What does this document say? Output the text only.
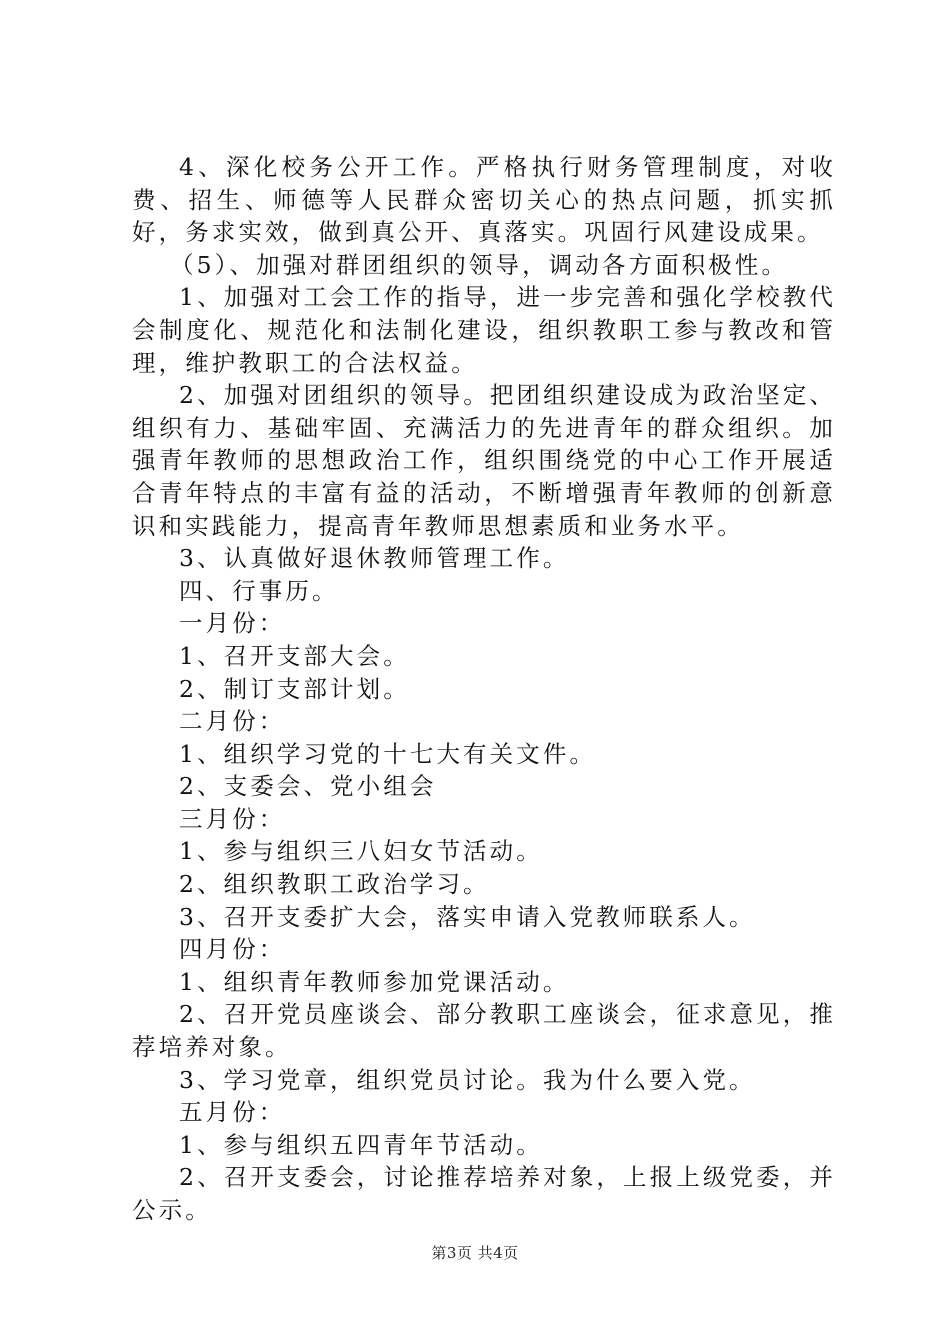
4、深化校务公开工作。严格执行财务管理制度，对收费、招生、师德等人民群众密切关心的热点问题，抓实抓好，务求实效，做到真公开、真落实。巩固行风建设成果。

（5）、加强对群团组织的领导，调动各方面积极性。

1、加强对工会工作的指导，进一步完善和强化学校教代会制度化、规范化和法制化建设，组织教职工参与教改和管理，维护教职工的合法权益。

2、加强对团组织的领导。把团组织建设成为政治坚定、组织有力、基础牢固、充满活力的先进青年的群众组织。加强青年教师的思想政治工作，组织围绕党的中心工作开展适合青年特点的丰富有益的活动，不断增强青年教师的创新意识和实践能力，提高青年教师思想素质和业务水平。

3、认真做好退休教师管理工作。

四、行事历。

一月份：

1、召开支部大会。

2、制订支部计划。

二月份：

1、组织学习党的十七大有关文件。

2、支委会、党小组会

三月份：

1、参与组织三八妇女节活动。

2、组织教职工政治学习。

3、召开支委扩大会，落实申请入党教师联系人。

四月份：

1、组织青年教师参加党课活动。

2、召开党员座谈会、部分教职工座谈会，征求意见，推荐培养对象。

3、学习党章，组织党员讨论。我为什么要入党。

五月份：

1、参与组织五四青年节活动。

2、召开支委会，讨论推荐培养对象，上报上级党委，并公示。

第3页 共4页
